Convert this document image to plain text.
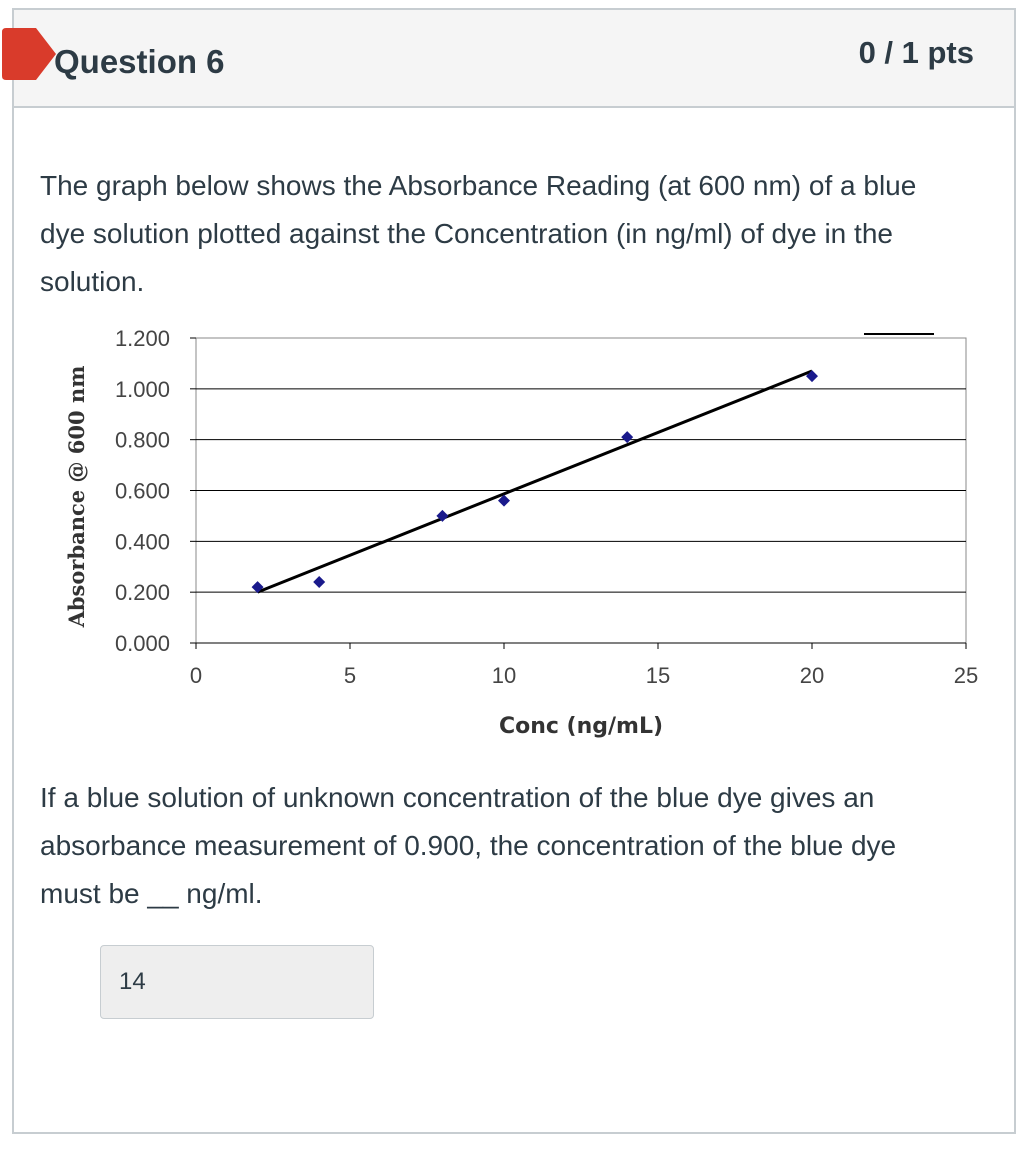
Question 6	0 / 1 pts
The graph below shows the Absorbance Reading (at 600 nm) of a blue dye solution plotted against the Concentration (in ng/ml) of dye in the solution.
0.000
0.200
0.400
0.600
0.800
1.000
1.200
0	5	10	15	20	25
Conc (ng/mL)
Absorbance @ 600 nm
If a blue solution of unknown concentration of the blue dye gives an absorbance measurement of 0.900, the concentration of the blue dye must be __ ng/ml.
14
